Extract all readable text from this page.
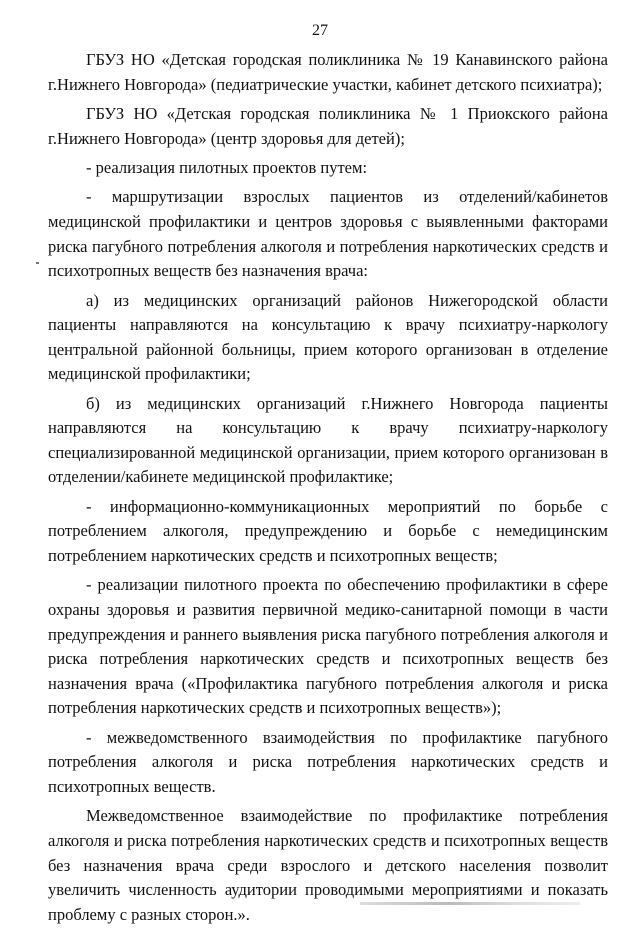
27

ГБУЗ НО «Детская городская поликлиника № 19 Канавинского района г.Нижнего Новгорода» (педиатрические участки, кабинет детского психиатра);

ГБУЗ НО «Детская городская поликлиника № 1 Приокского района г.Нижнего Новгорода» (центр здоровья для детей);

- реализация пилотных проектов путем:

- маршрутизации взрослых пациентов из отделений/кабинетов медицинской профилактики и центров здоровья с выявленными факторами риска пагубного потребления алкоголя и потребления наркотических средств и психотропных веществ без назначения врача:

а) из медицинских организаций районов Нижегородской области пациенты направляются на консультацию к врачу психиатру-наркологу центральной районной больницы, прием которого организован в отделение медицинской профилактики;

б) из медицинских организаций г.Нижнего Новгорода пациенты направляются на консультацию к врачу психиатру-наркологу специализированной медицинской организации, прием которого организован в отделении/кабинете медицинской профилактике;

- информационно-коммуникационных мероприятий по борьбе с потреблением алкоголя, предупреждению и борьбе с немедицинским потреблением наркотических средств и психотропных веществ;

- реализации пилотного проекта по обеспечению профилактики в сфере охраны здоровья и развития первичной медико-санитарной помощи в части предупреждения и раннего выявления риска пагубного потребления алкоголя и риска потребления наркотических средств и психотропных веществ без назначения врача («Профилактика пагубного потребления алкоголя и риска потребления наркотических средств и психотропных веществ»);

- межведомственного взаимодействия по профилактике пагубного потребления алкоголя и риска потребления наркотических средств и психотропных веществ.

Межведомственное взаимодействие по профилактике потребления алкоголя и риска потребления наркотических средств и психотропных веществ без назначения врача среди взрослого и детского населения позволит увеличить численность аудитории проводимыми мероприятиями и показать проблему с разных сторон.».
